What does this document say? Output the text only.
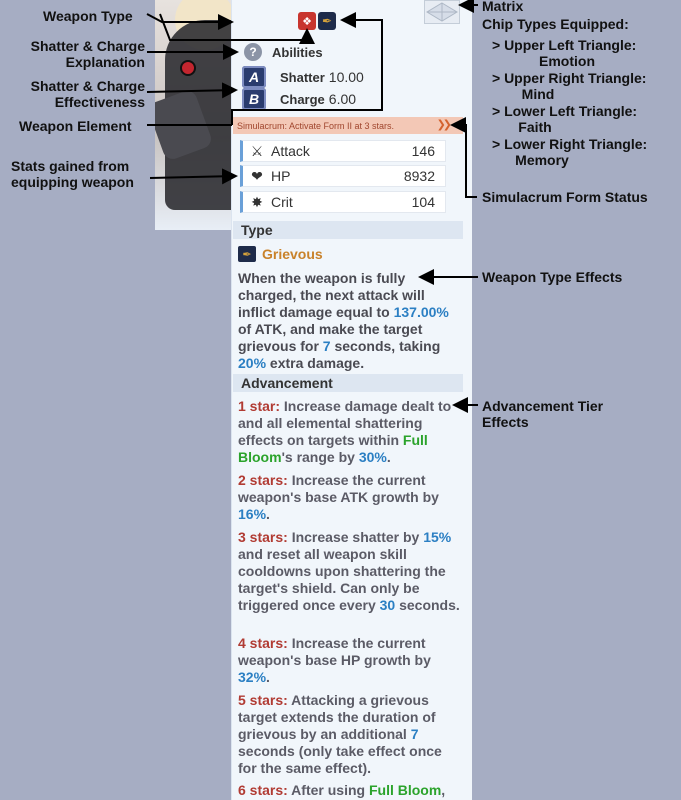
❖ ✒
?	Abilities
A	Shatter 10.00
B	Charge 6.00
Simulacrum: Activate Form II at 3 stars.	❯❯
⚔ Attack	146
❤ HP	8932
✸ Crit	104
Type
✒ Grievous
When the weapon is fully charged, the next attack will inflict damage equal to 137.00% of ATK, and make the target grievous for 7 seconds, taking 20% extra damage.
Advancement
1 star: Increase damage dealt to and all elemental shattering effects on targets within Full Bloom's range by 30%.
2 stars: Increase the current weapon's base ATK growth by 16%.
3 stars: Increase shatter by 15% and reset all weapon skill cooldowns upon shattering the target's shield. Can only be triggered once every 30 seconds.
4 stars: Increase the current weapon's base HP growth by 32%.
5 stars: Attacking a grievous target extends the duration of grievous by an additional 7 seconds (only take effect once for the same effect).
6 stars: After using Full Bloom,
Weapon Type
Shatter & Charge
Explanation
Shatter & Charge
Effectiveness
Weapon Element
Stats gained from
equipping weapon
Matrix
Chip Types Equipped:
> Upper Left Triangle:
Emotion
> Upper Right Triangle:
Mind
> Lower Left Triangle:
Faith
> Lower Right Triangle:
Memory
Simulacrum Form Status
Weapon Type Effects
Advancement Tier
Effects
